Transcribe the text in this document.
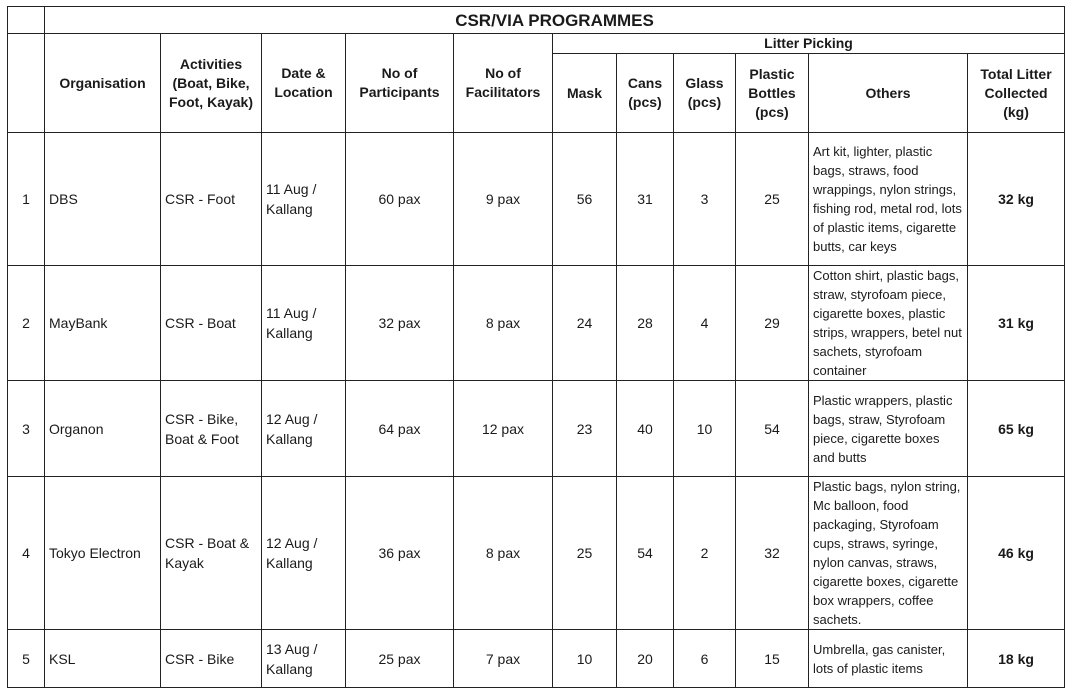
	CSR/VIA PROGRAMMES										
	Organisation	Activities (Boat, Bike, Foot, Kayak)	Date & Location	No of Participants	No of Facilitators	Litter Picking					
						Mask	Cans (pcs)	Glass (pcs)	Plastic Bottles (pcs)	Others	Total Litter Collected (kg)
1	DBS	CSR - Foot	11 Aug / Kallang	60 pax	9 pax	56	31	3	25	Art kit, lighter, plastic bags, straws, food wrappings, nylon strings, fishing rod, metal rod, lots of plastic items, cigarette butts, car keys	32 kg
2	MayBank	CSR - Boat	11 Aug / Kallang	32 pax	8 pax	24	28	4	29	Cotton shirt, plastic bags, straw, styrofoam piece, cigarette boxes, plastic strips, wrappers, betel nut sachets, styrofoam container	31 kg
3	Organon	CSR - Bike, Boat & Foot	12 Aug / Kallang	64 pax	12 pax	23	40	10	54	Plastic wrappers, plastic bags, straw, Styrofoam piece, cigarette boxes and butts	65 kg
4	Tokyo Electron	CSR - Boat & Kayak	12 Aug / Kallang	36 pax	8 pax	25	54	2	32	Plastic bags, nylon string, Mc balloon, food packaging, Styrofoam cups, straws, syringe, nylon canvas, straws, cigarette boxes, cigarette box wrappers, coffee sachets.	46 kg
5	KSL	CSR - Bike	13 Aug / Kallang	25 pax	7 pax	10	20	6	15	Umbrella, gas canister, lots of plastic items	18 kg
